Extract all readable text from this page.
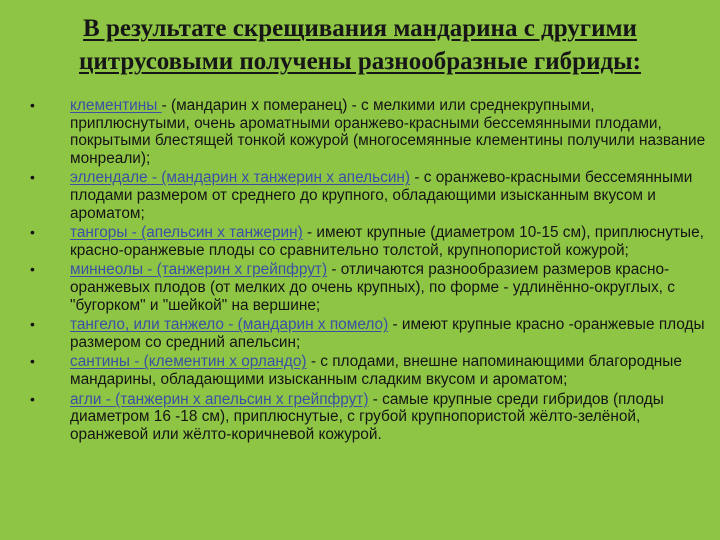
В результате скрещивания мандарина с другими цитрусовыми получены разнообразные гибриды:
•	клементины - (мандарин х померанец) - с мелкими или среднекрупными, приплюснутыми, очень ароматными оранжево-красными бессемянными плодами, покрытыми блестящей тонкой кожурой (многосемянные клементины получили название монреали);
•	эллендале - (мандарин х танжерин х апельсин) - с оранжево-красными бессемянными плодами размером от среднего до крупного, обладающими изысканным вкусом и ароматом;
•	тангоры - (апельсин х танжерин) - имеют крупные (диаметром 10-15 см), приплюснутые, красно-оранжевые плоды со сравнительно толстой, крупнопористой кожурой;
•	миннеолы - (танжерин х грейпфрут) - отличаются разнообразием размеров красно-оранжевых плодов (от мелких до очень крупных), по форме - удлинённо-округлых, с "бугорком" и "шейкой" на вершине;
•	тангело, или танжело - (мандарин х помело) - имеют крупные красно -оранжевые плоды размером со средний апельсин;
•	сантины - (клементин х орландо) - с плодами, внешне напоминающими благородные мандарины, обладающими изысканным сладким вкусом и ароматом;
•	агли - (танжерин х апельсин х грейпфрут) - самые крупные среди гибридов (плоды диаметром 16 -18 см), приплюснутые, с грубой крупнопористой жёлто-зелёной, оранжевой или жёлто-коричневой кожурой.
